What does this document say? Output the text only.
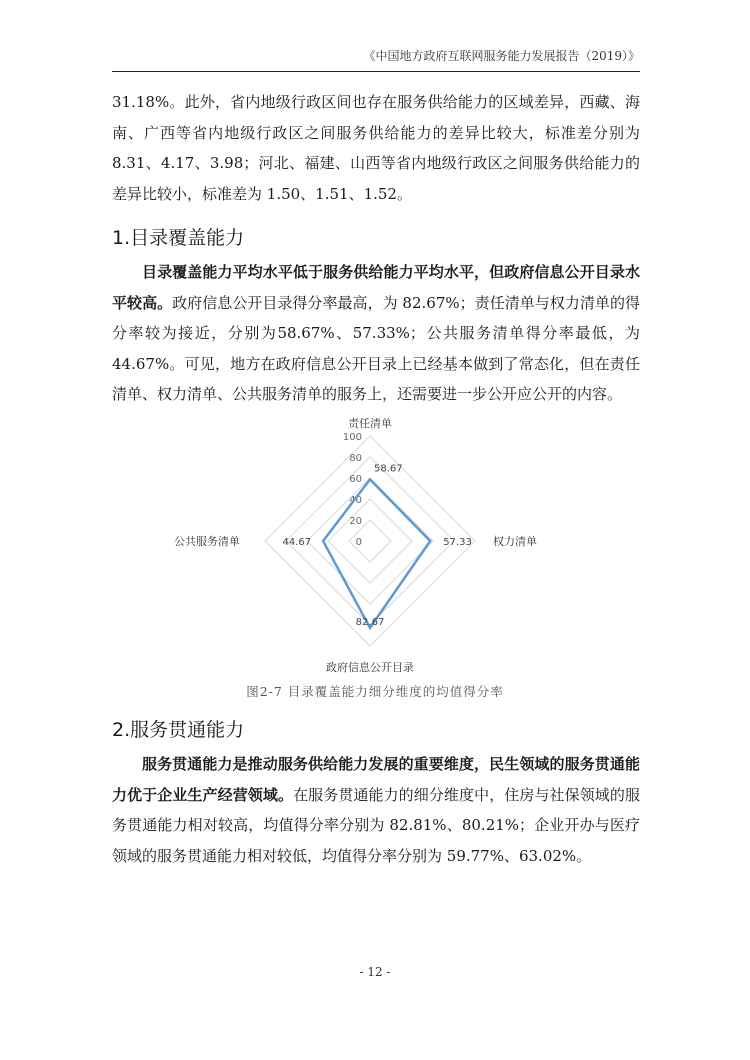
《中国地方政府互联网服务能力发展报告（2019）》

31.18%。此外，省内地级行政区间也存在服务供给能力的区域差异，西藏、海南、广西等省内地级行政区之间服务供给能力的差异比较大，标准差分别为 8.31、4.17、3.98；河北、福建、山西等省内地级行政区之间服务供给能力的差异比较小，标准差为 1.50、1.51、1.52。

1.目录覆盖能力

目录覆盖能力平均水平低于服务供给能力平均水平，但政府信息公开目录水平较高。政府信息公开目录得分率最高，为 82.67%；责任清单与权力清单的得分率较为接近，分别为58.67%、57.33%；公共服务清单得分率最低，为44.67%。可见，地方在政府信息公开目录上已经基本做到了常态化，但在责任清单、权力清单、公共服务清单的服务上，还需要进一步公开应公开的内容。

0
20
40
60
80
100
责任清单
权力清单
政府信息公开目录
公共服务清单
58.67
57.33
82.67
44.67
图2-7 目录覆盖能力细分维度的均值得分率
2.服务贯通能力

服务贯通能力是推动服务供给能力发展的重要维度，民生领域的服务贯通能力优于企业生产经营领域。在服务贯通能力的细分维度中，住房与社保领域的服务贯通能力相对较高，均值得分率分别为 82.81%、80.21%；企业开办与医疗领域的服务贯通能力相对较低，均值得分率分别为 59.77%、63.02%。

- 12 -
